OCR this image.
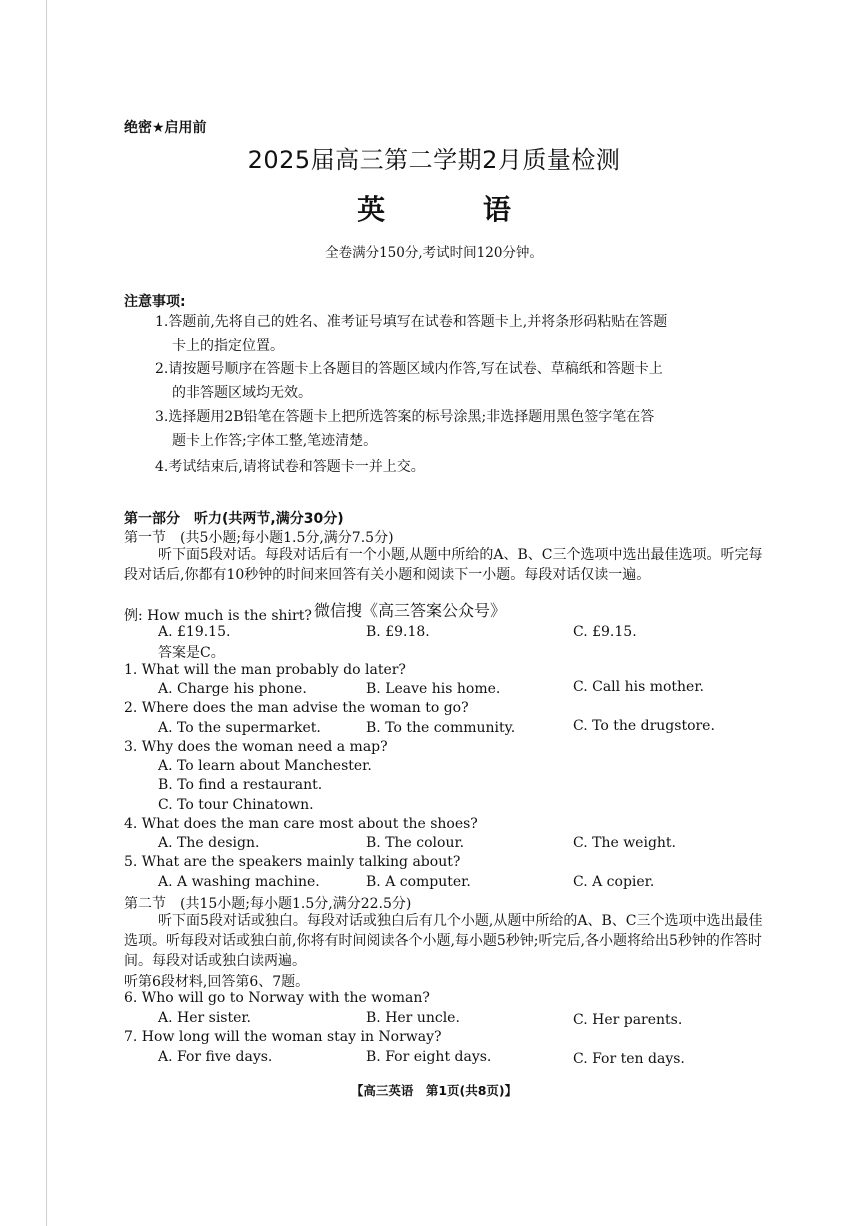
绝密★启用前
2025届高三第二学期2月质量检测
英 语
全卷满分150分,考试时间120分钟。
注意事项:
1.答题前,先将自己的姓名、准考证号填写在试卷和答题卡上,并将条形码粘贴在答题
卡上的指定位置。
2.请按题号顺序在答题卡上各题目的答题区域内作答,写在试卷、草稿纸和答题卡上
的非答题区域均无效。
3.选择题用2B铅笔在答题卡上把所选答案的标号涂黑;非选择题用黑色签字笔在答
题卡上作答;字体工整,笔迹清楚。
4.考试结束后,请将试卷和答题卡一并上交。
第一部分　听力(共两节,满分30分)
第一节　(共5小题;每小题1.5分,满分7.5分)
听下面5段对话。每段对话后有一个小题,从题中所给的A、B、C三个选项中选出最佳选项。听完每段对话后,你都有10秒钟的时间来回答有关小题和阅读下一小题。每段对话仅读一遍。
例: How much is the shirt? 微信搜《高三答案公众号》
A. £19.15.	B. £9.18.	C. £9.15.
答案是C。
1. What will the man probably do later?
A. Charge his phone.	B. Leave his home.	C. Call his mother.
2. Where does the man advise the woman to go?
A. To the supermarket.	B. To the community.	C. To the drugstore.
3. Why does the woman need a map?
A. To learn about Manchester.
B. To find a restaurant.
C. To tour Chinatown.
4. What does the man care most about the shoes?
A. The design.	B. The colour.	C. The weight.
5. What are the speakers mainly talking about?
A. A washing machine.	B. A computer.	C. A copier.
第二节　(共15小题;每小题1.5分,满分22.5分)
听下面5段对话或独白。每段对话或独白后有几个小题,从题中所给的A、B、C三个选项中选出最佳选项。听每段对话或独白前,你将有时间阅读各个小题,每小题5秒钟;听完后,各小题将给出5秒钟的作答时间。每段对话或独白读两遍。
听第6段材料,回答第6、7题。
6. Who will go to Norway with the woman?
A. Her sister.	B. Her uncle.	C. Her parents.
7. How long will the woman stay in Norway?
A. For five days.	B. For eight days.	C. For ten days.
【高三英语　第1页(共8页)】
